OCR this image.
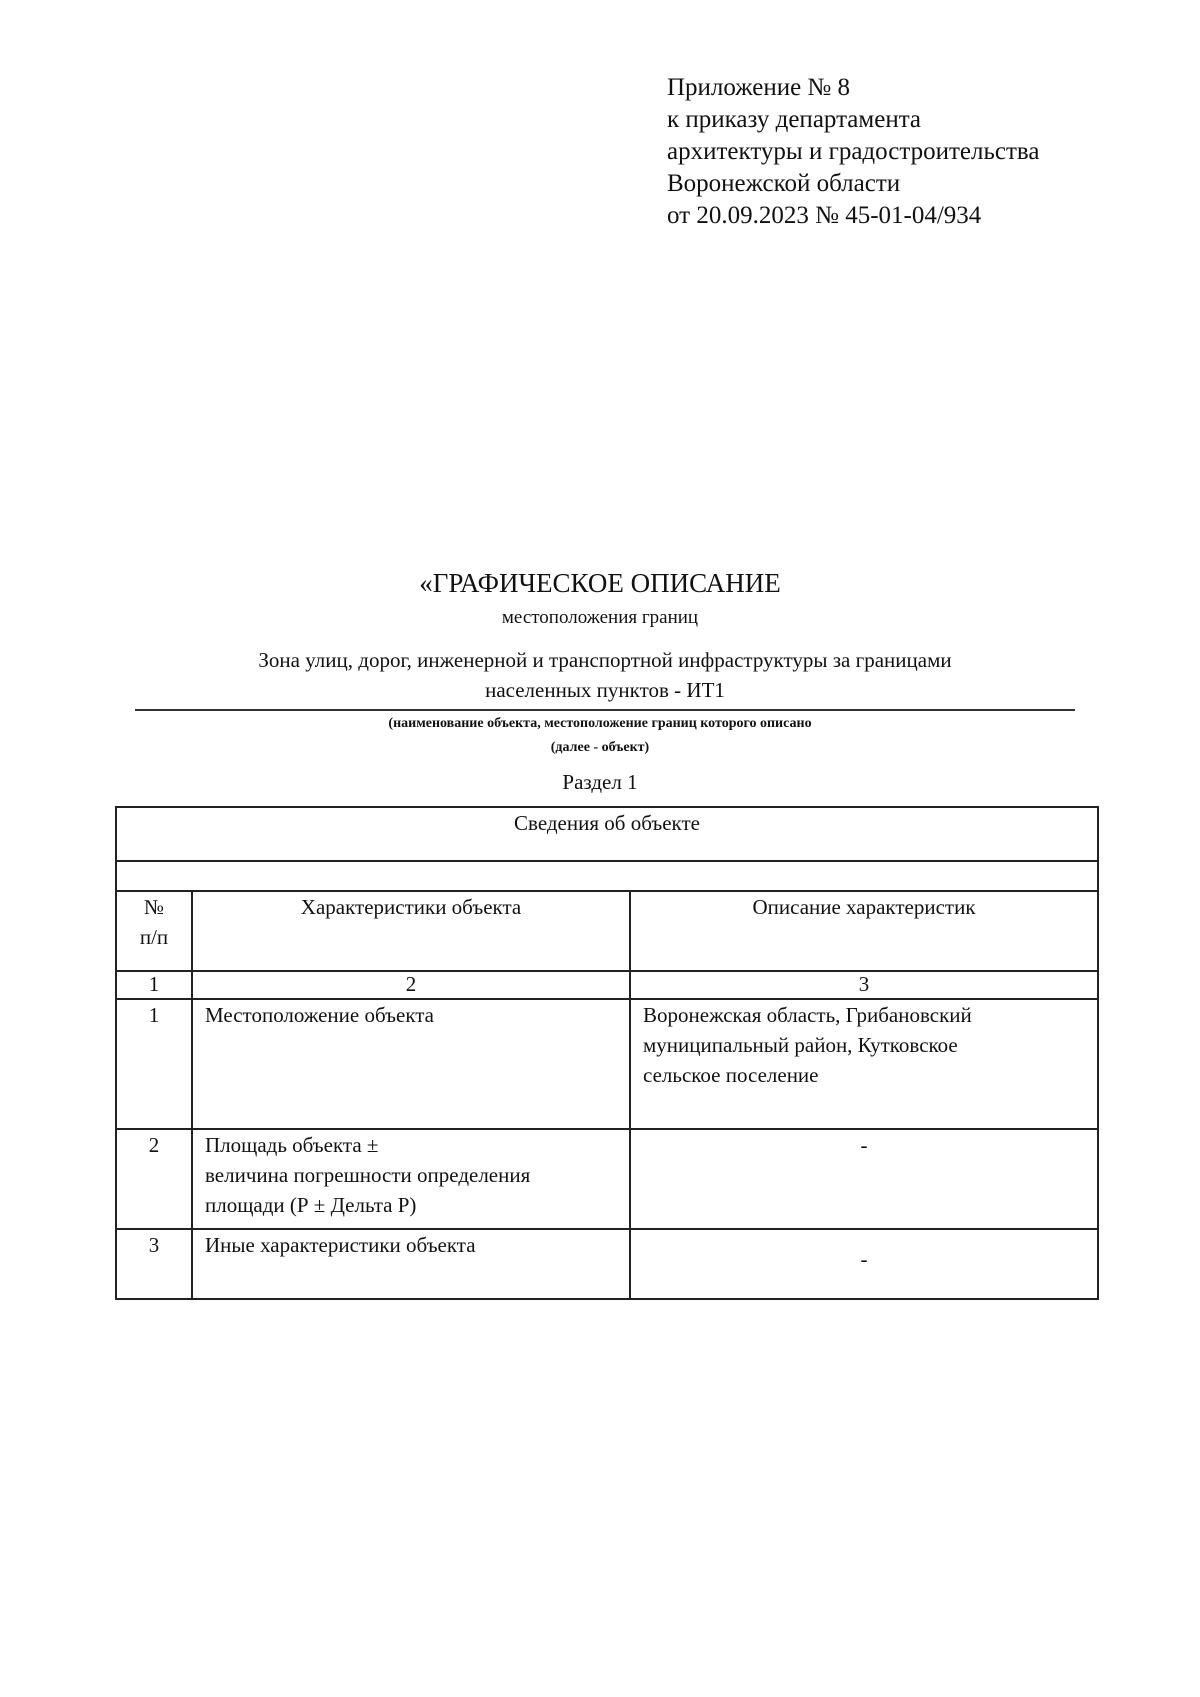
Приложение № 8
к приказу департамента
архитектуры и градостроительства
Воронежской области
от 20.09.2023 № 45-01-04/934
«ГРАФИЧЕСКОЕ ОПИСАНИЕ
местоположения границ
Зона улиц, дорог, инженерной и транспортной инфраструктуры за границами
населенных пунктов - ИТ1
(наименование объекта, местоположение границ которого описано
(далее - объект)
Раздел 1
Сведения об объекте		

№
п/п	Характеристики объекта	Описание характеристик
1	2	3
1	Местоположение объекта	Воронежская область, Грибановский
муниципальный район, Кутковское
сельское поселение

2	Площадь объекта ±
величина погрешности определения
площади (Р ± Дельта Р)	-

3	Иные характеристики объекта	-
